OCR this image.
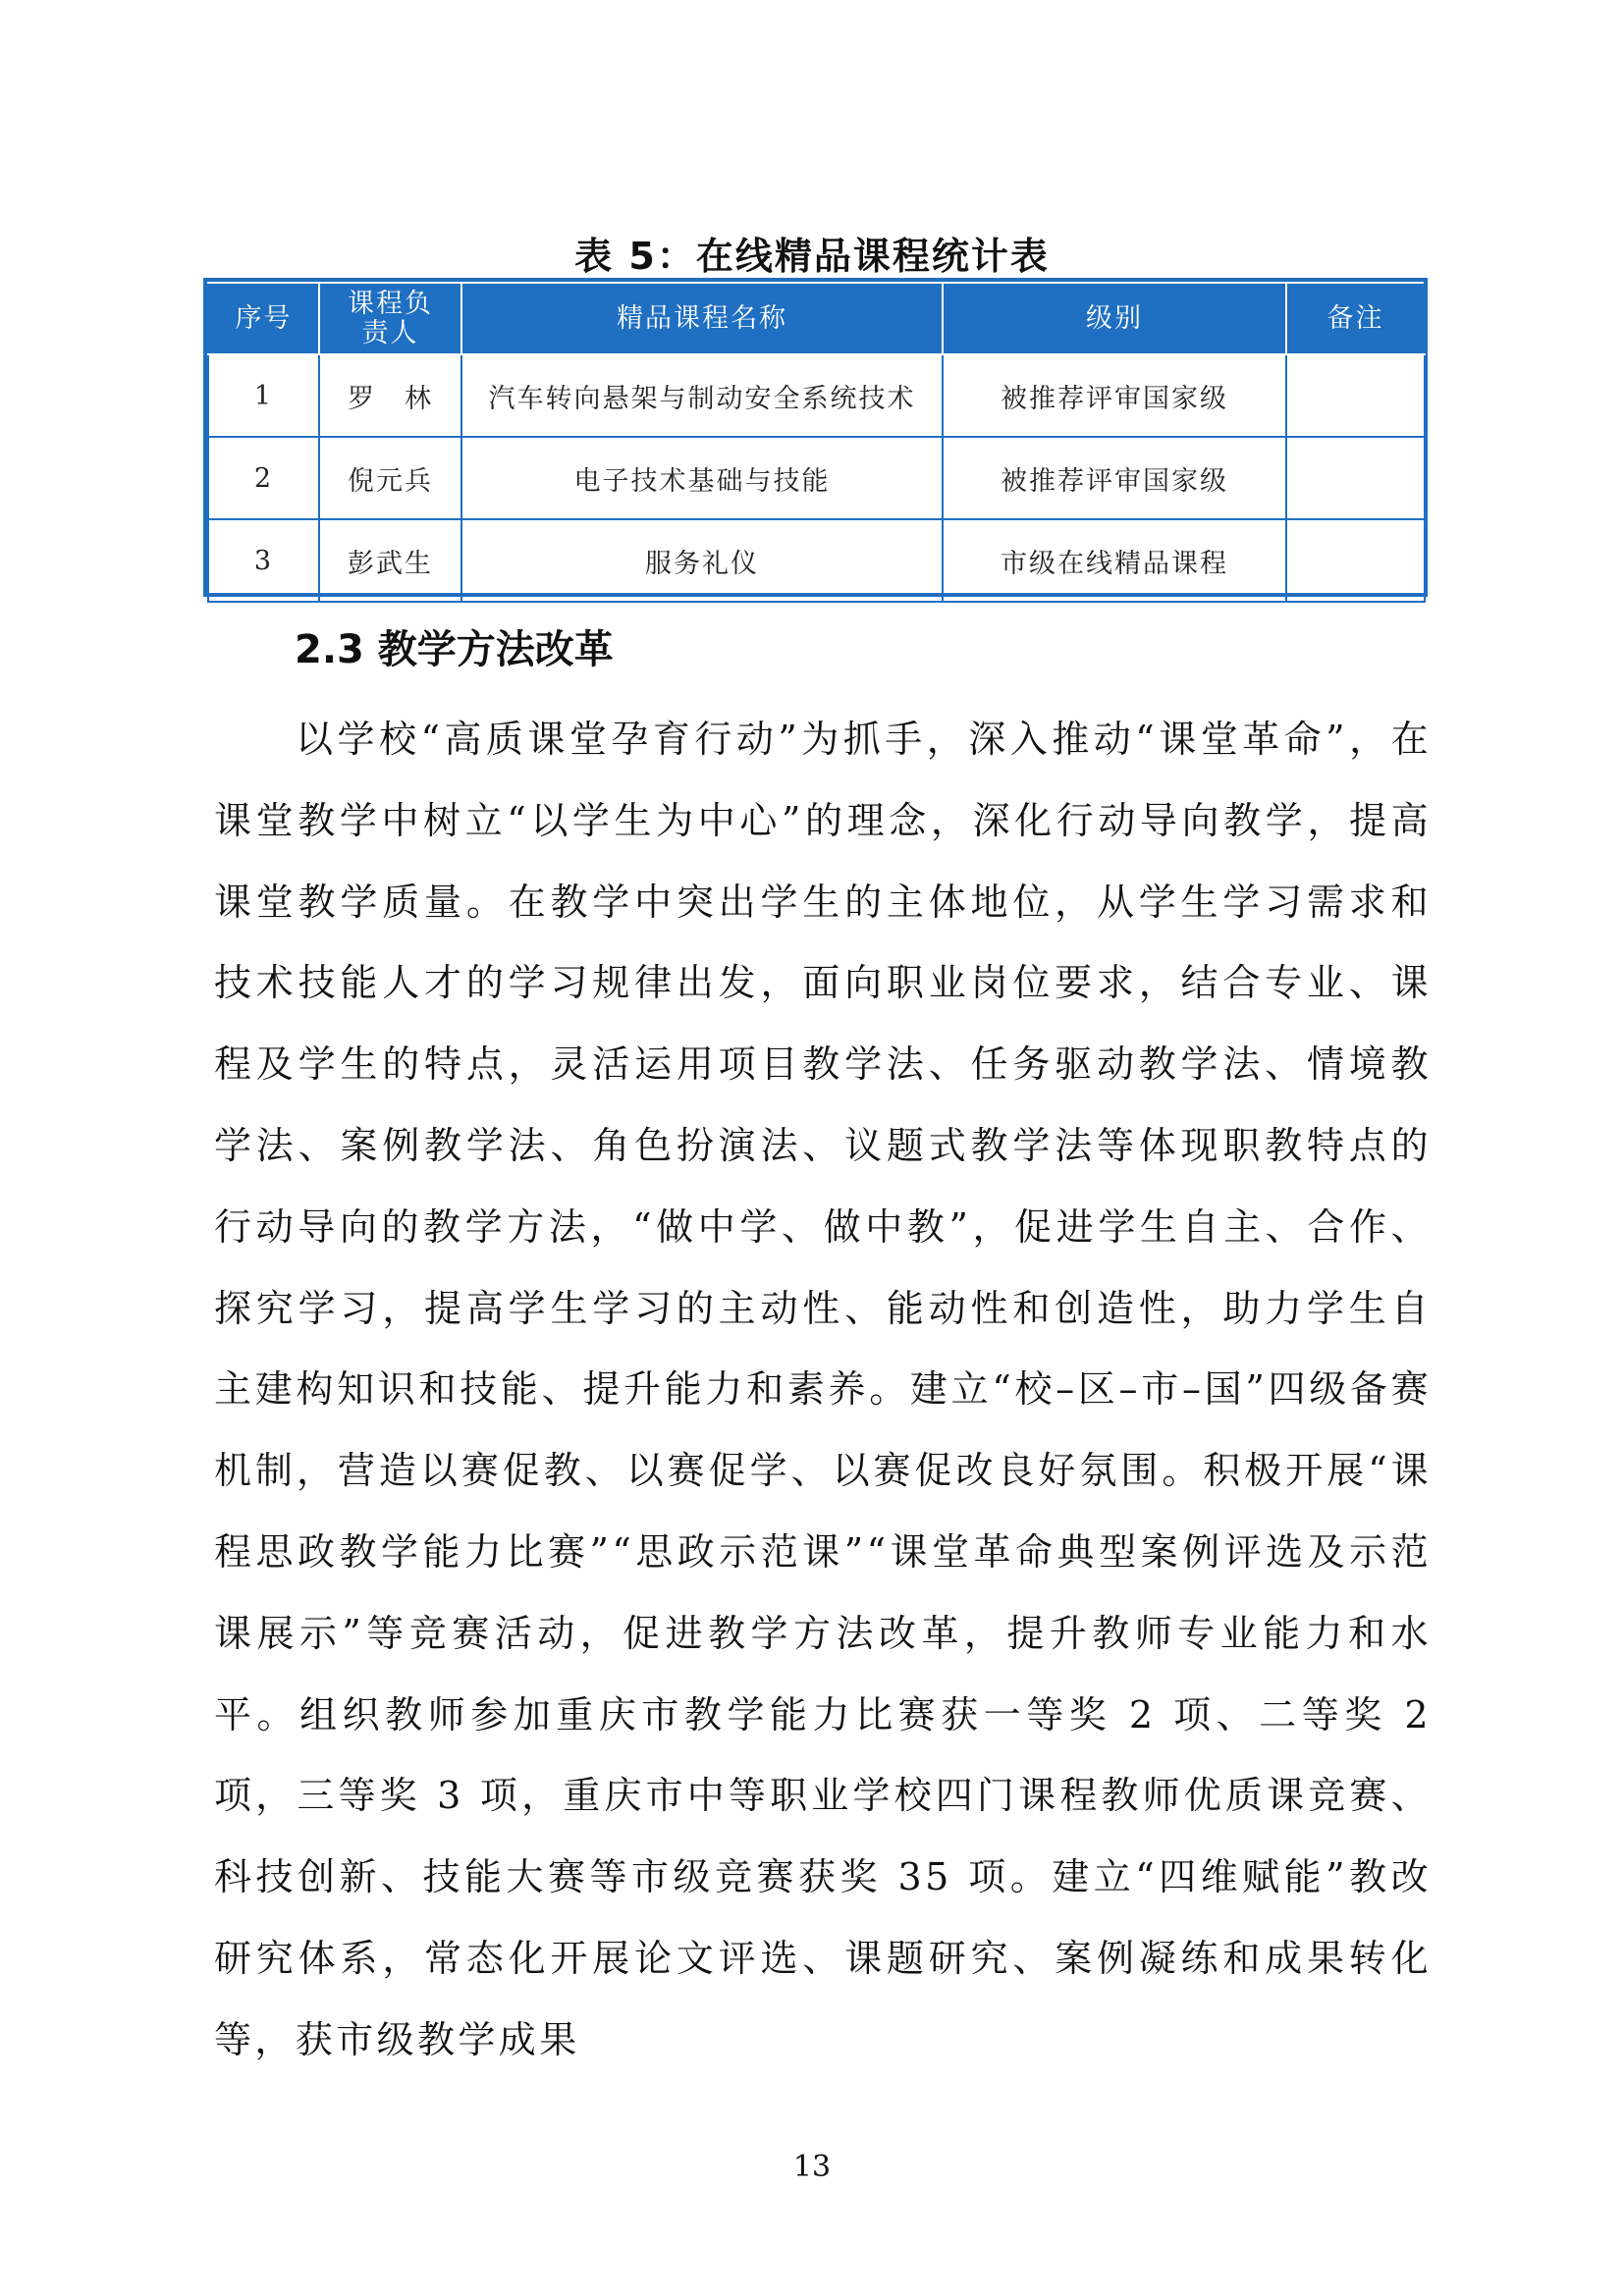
表 5：在线精品课程统计表
序号	课程负责人	精品课程名称	级别	备注
1	罗　林	汽车转向悬架与制动安全系统技术	被推荐评审国家级	
2	倪元兵	电子技术基础与技能	被推荐评审国家级	
3	彭武生	服务礼仪	市级在线精品课程	
2.3 教学方法改革
以学校“高质课堂孕育行动”为抓手，深入推动“课堂革命”，在课堂教学中树立“以学生为中心”的理念，深化行动导向教学，提高课堂教学质量。在教学中突出学生的主体地位，从学生学习需求和技术技能人才的学习规律出发，面向职业岗位要求，结合专业、课程及学生的特点，灵活运用项目教学法、任务驱动教学法、情境教学法、案例教学法、角色扮演法、议题式教学法等体现职教特点的行动导向的教学方法，“做中学、做中教”，促进学生自主、合作、探究学习，提高学生学习的主动性、能动性和创造性，助力学生自主建构知识和技能、提升能力和素养。建立“校–区–市–国”四级备赛机制，营造以赛促教、以赛促学、以赛促改良好氛围。积极开展“课程思政教学能力比赛”“思政示范课”“课堂革命典型案例评选及示范课展示”等竞赛活动，促进教学方法改革，提升教师专业能力和水平。组织教师参加重庆市教学能力比赛获一等奖 2 项、二等奖 2 项，三等奖 3 项，重庆市中等职业学校四门课程教师优质课竞赛、科技创新、技能大赛等市级竞赛获奖 35 项。建立“四维赋能”教改研究体系，常态化开展论文评选、课题研究、案例凝练和成果转化等，获市级教学成果
13
